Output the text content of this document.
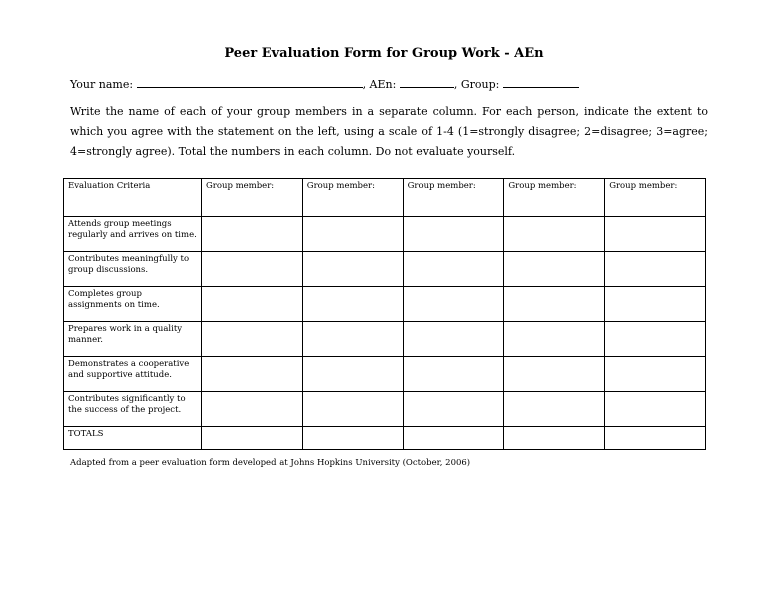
Peer Evaluation Form for Group Work - AEn
Your name:	, AEn:	, Group:
Write the name of each of your group members in a separate column. For each person, indicate the extent to which you agree with the statement on the left, using a scale of 1-4 (1=strongly disagree; 2=disagree; 3=agree; 4=strongly agree). Total the numbers in each column. Do not evaluate yourself.
Evaluation Criteria	Group member:	Group member:	Group member:	Group member:	Group member:
Attends group meetings regularly and arrives on time.					
Contributes meaningfully to group discussions.					
Completes group assignments on time.					
Prepares work in a quality manner.					
Demonstrates a cooperative and supportive attitude.					
Contributes significantly to the success of the project.					
TOTALS					
Adapted from a peer evaluation form developed at Johns Hopkins University (October, 2006)
